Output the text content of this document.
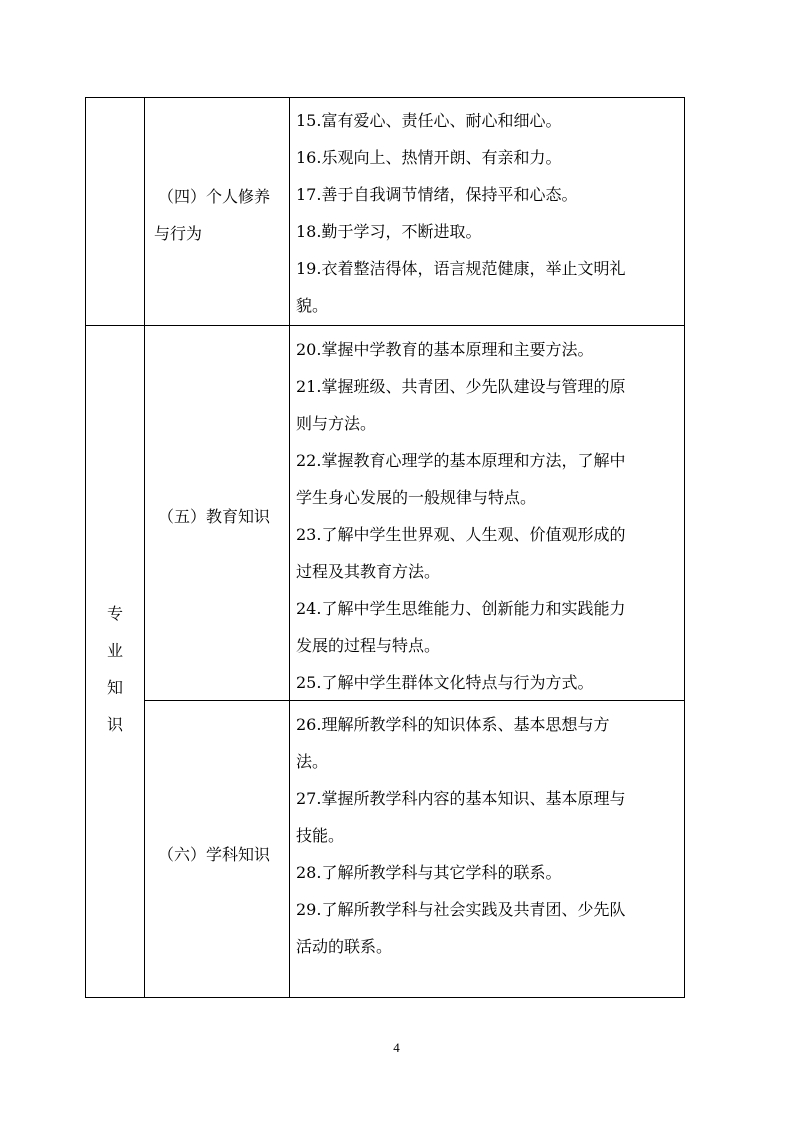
专
业
知
识
（四）个人修养
与行为
15.富有爱心、责任心、耐心和细心。
16.乐观向上、热情开朗、有亲和力。
17.善于自我调节情绪，保持平和心态。
18.勤于学习，不断进取。
19.衣着整洁得体，语言规范健康，举止文明礼
貌。
（五）教育知识
20.掌握中学教育的基本原理和主要方法。
21.掌握班级、共青团、少先队建设与管理的原
则与方法。
22.掌握教育心理学的基本原理和方法，了解中
学生身心发展的一般规律与特点。
23.了解中学生世界观、人生观、价值观形成的
过程及其教育方法。
24.了解中学生思维能力、创新能力和实践能力
发展的过程与特点。
25.了解中学生群体文化特点与行为方式。
（六）学科知识
26.理解所教学科的知识体系、基本思想与方
法。
27.掌握所教学科内容的基本知识、基本原理与
技能。
28.了解所教学科与其它学科的联系。
29.了解所教学科与社会实践及共青团、少先队
活动的联系。
4
